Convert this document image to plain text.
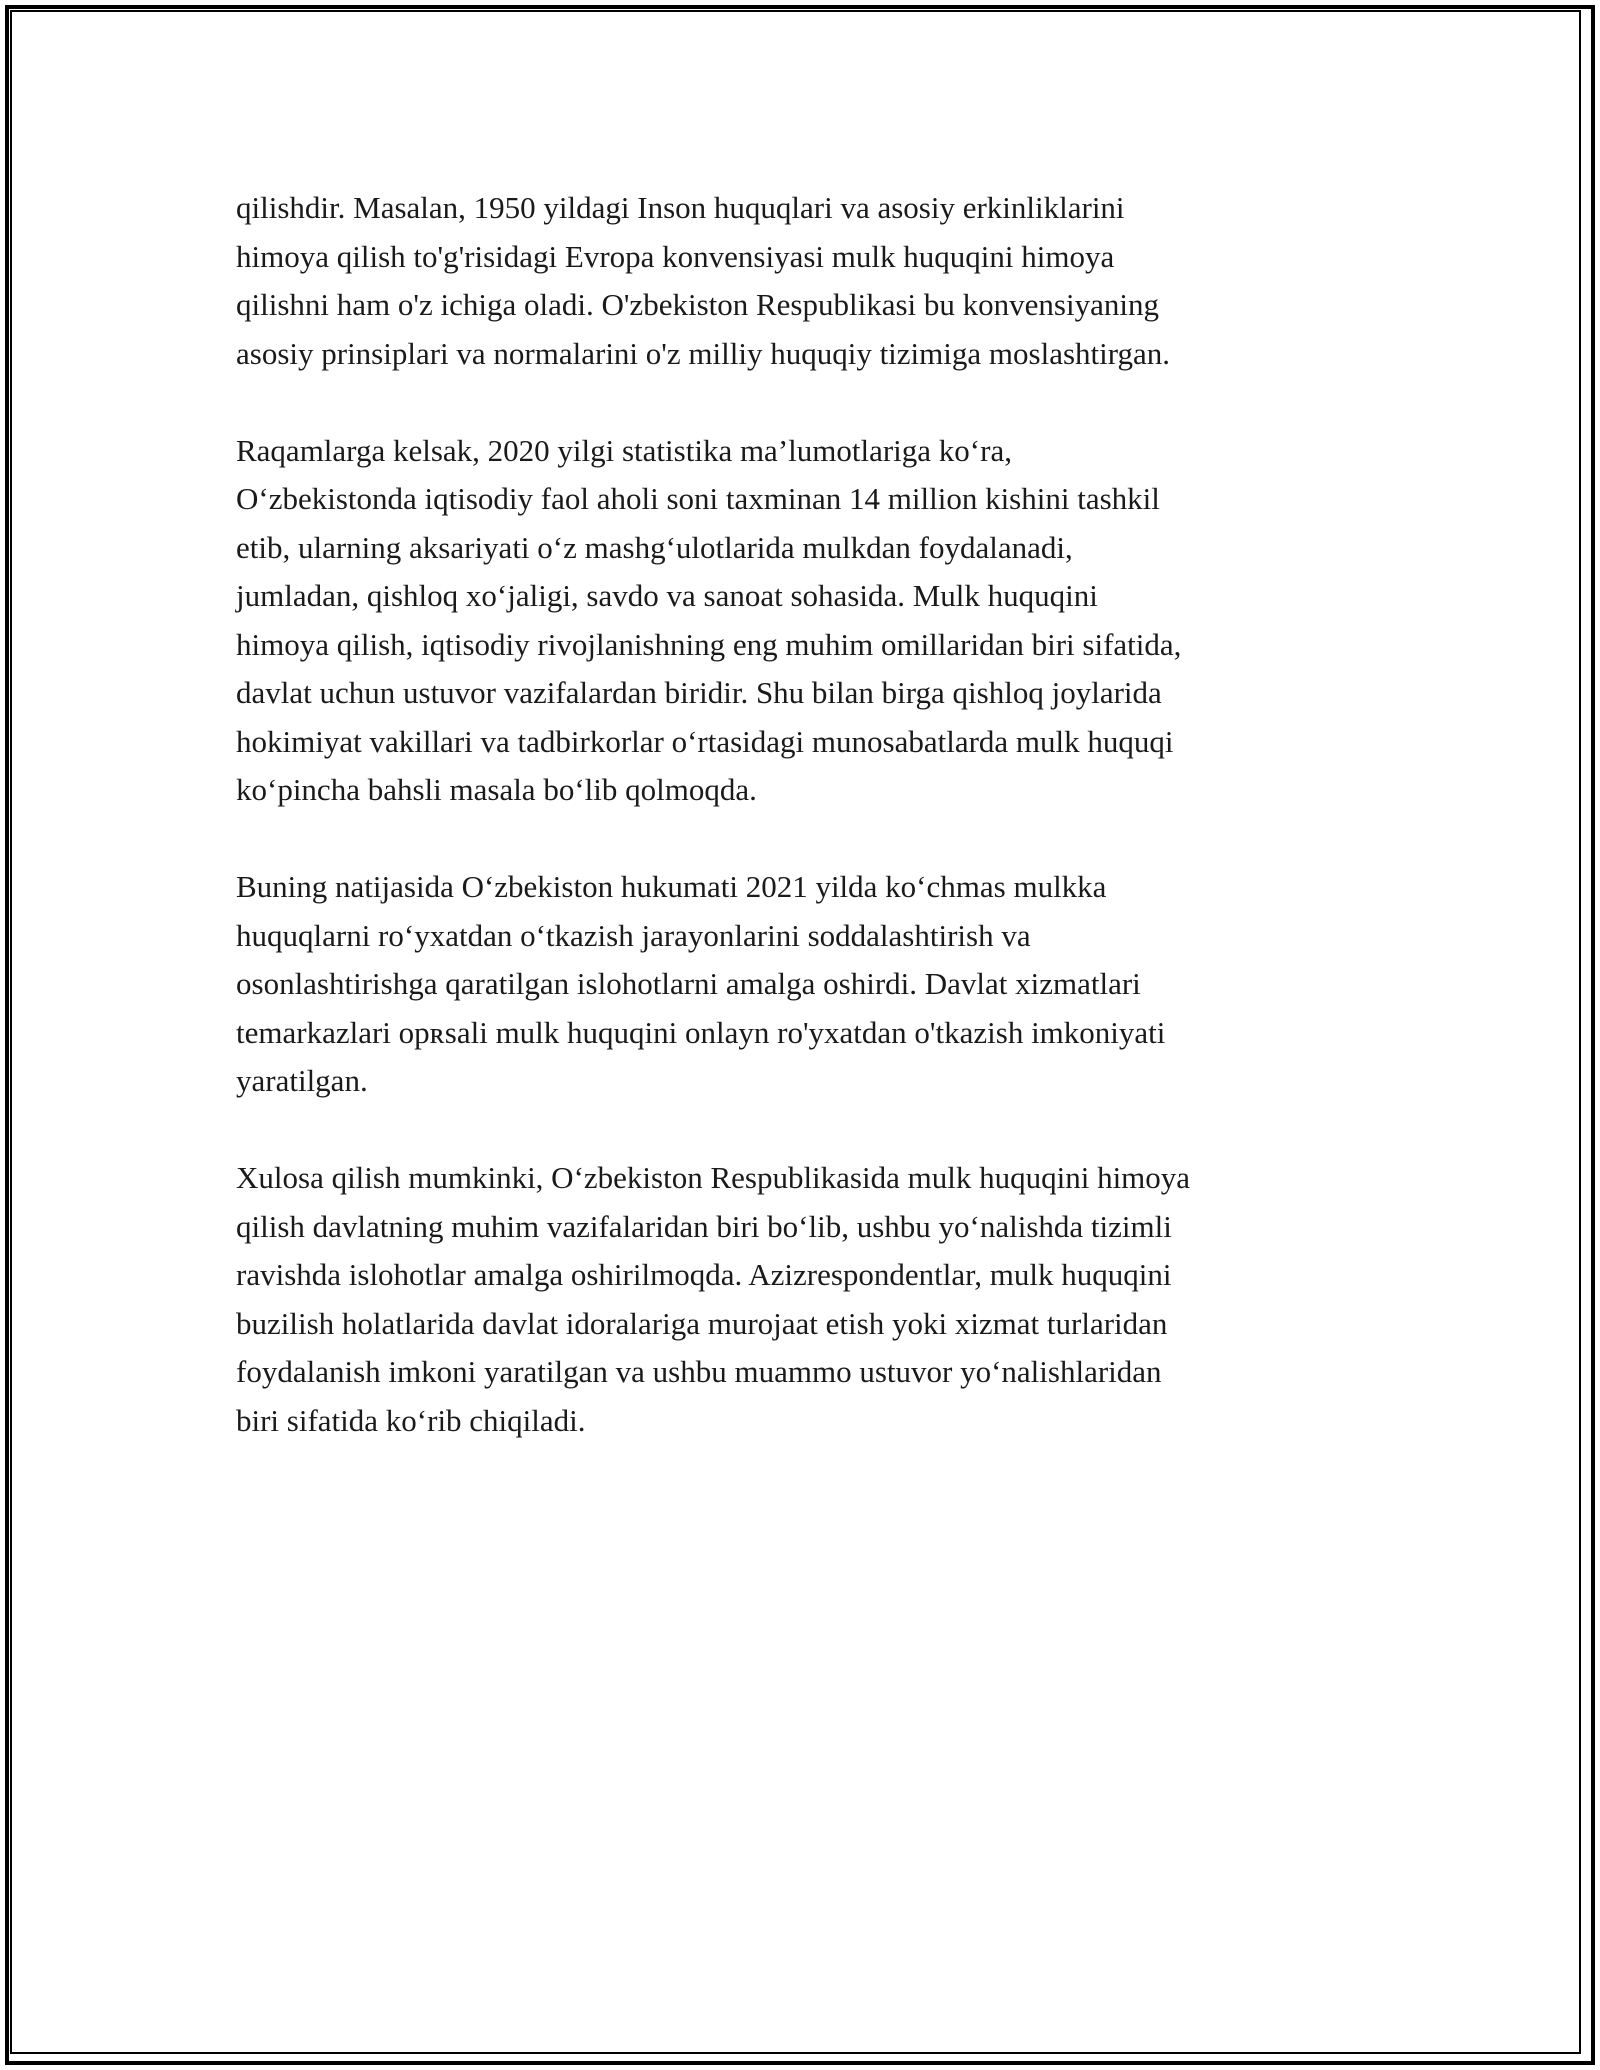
qilishdir. Masalan, 1950 yildagi Inson huquqlari va asosiy erkinliklarini
himoya qilish to'g'risidagi Evropa konvensiyasi mulk huquqini himoya
qilishni ham o'z ichiga oladi. O'zbekiston Respublikasi bu konvensiyaning
asosiy prinsiplari va normalarini o'z milliy huquqiy tizimiga moslashtirgan.

Raqamlarga kelsak, 2020 yilgi statistika ma’lumotlariga ko‘ra,
O‘zbekistonda iqtisodiy faol aholi soni taxminan 14 million kishini tashkil
etib, ularning aksariyati o‘z mashg‘ulotlarida mulkdan foydalanadi,
jumladan, qishloq xo‘jaligi, savdo va sanoat sohasida. Mulk huquqini
himoya qilish, iqtisodiy rivojlanishning eng muhim omillaridan biri sifatida,
davlat uchun ustuvor vazifalardan biridir. Shu bilan birga qishloq joylarida
hokimiyat vakillari va tadbirkorlar o‘rtasidagi munosabatlarda mulk huquqi
ko‘pincha bahsli masala bo‘lib qolmoqda.

Buning natijasida O‘zbekiston hukumati 2021 yilda ko‘chmas mulkka
huquqlarni ro‘yxatdan o‘tkazish jarayonlarini soddalashtirish va
osonlashtirishga qaratilgan islohotlarni amalga oshirdi. Davlat xizmatlari
temarkazlari opʀsali mulk huquqini onlayn ro'yxatdan o'tkazish imkoniyati
yaratilgan.

Xulosa qilish mumkinki, O‘zbekiston Respublikasida mulk huquqini himoya
qilish davlatning muhim vazifalaridan biri bo‘lib, ushbu yo‘nalishda tizimli
ravishda islohotlar amalga oshirilmoqda. Azizrespondentlar, mulk huquqini
buzilish holatlarida davlat idoralariga murojaat etish yoki xizmat turlaridan
foydalanish imkoni yaratilgan va ushbu muammo ustuvor yo‘nalishlaridan
biri sifatida ko‘rib chiqiladi.
